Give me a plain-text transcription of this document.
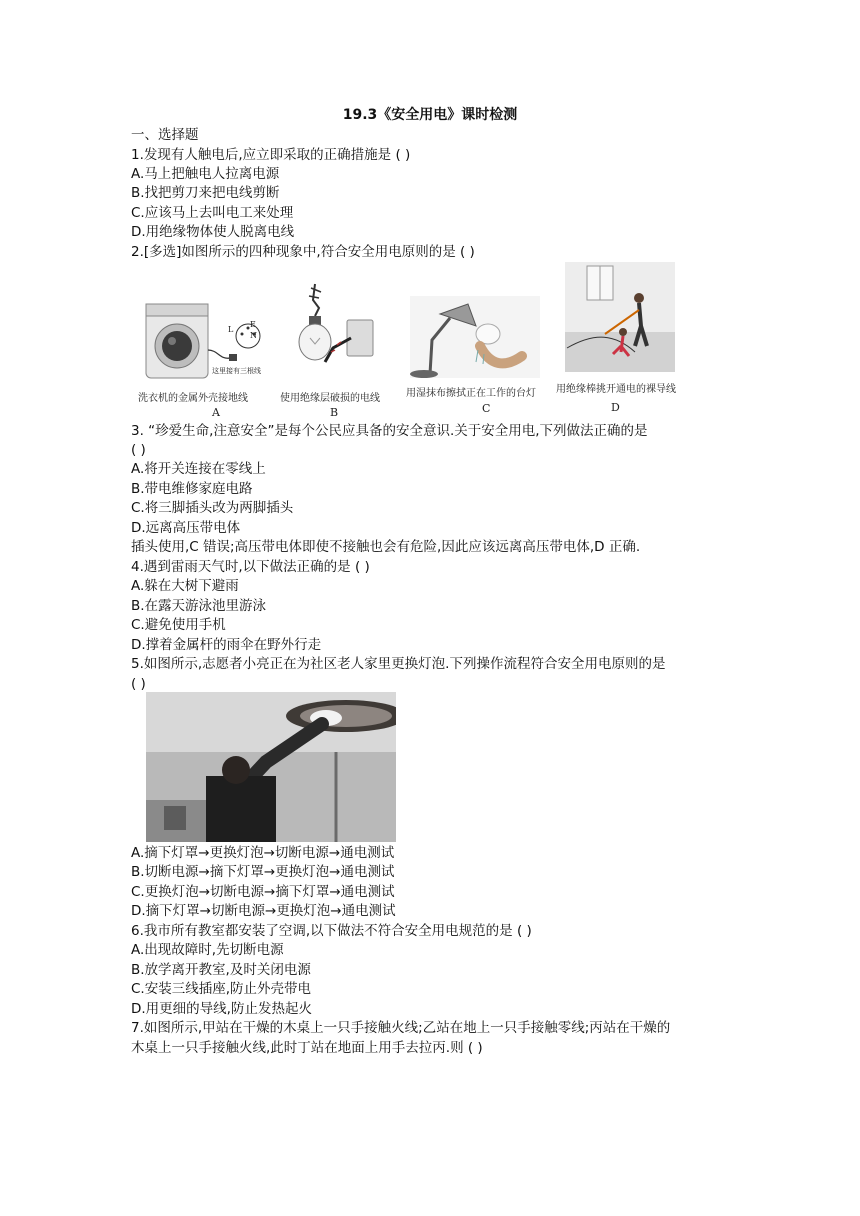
19.3《安全用电》课时检测
一、选择题
1.发现有人触电后,应立即采取的正确措施是 ( )
A.马上把触电人拉离电源
B.找把剪刀来把电线剪断
C.应该马上去叫电工来处理
D.用绝缘物体使人脱离电线
2.[多选]如图所示的四种现象中,符合安全用电原则的是 ( )
L
E
N
这里接有三根线
洗衣机的金属外壳接地线
A
使用绝缘层破损的电线
B
用湿抹布擦拭正在工作的台灯
C
用绝缘棒挑开通电的裸导线
D
3. “珍爱生命,注意安全”是每个公民应具备的安全意识.关于安全用电,下列做法正确的是
( )
A.将开关连接在零线上
B.带电维修家庭电路
C.将三脚插头改为两脚插头
D.远离高压带电体
插头使用,C 错误;高压带电体即使不接触也会有危险,因此应该远离高压带电体,D 正确.
4.遇到雷雨天气时,以下做法正确的是 ( )
A.躲在大树下避雨
B.在露天游泳池里游泳
C.避免使用手机
D.撑着金属杆的雨伞在野外行走
5.如图所示,志愿者小亮正在为社区老人家里更换灯泡.下列操作流程符合安全用电原则的是
( )
A.摘下灯罩→更换灯泡→切断电源→通电测试
B.切断电源→摘下灯罩→更换灯泡→通电测试
C.更换灯泡→切断电源→摘下灯罩→通电测试
D.摘下灯罩→切断电源→更换灯泡→通电测试
6.我市所有教室都安装了空调,以下做法不符合安全用电规范的是 ( )
A.出现故障时,先切断电源
B.放学离开教室,及时关闭电源
C.安装三线插座,防止外壳带电
D.用更细的导线,防止发热起火
7.如图所示,甲站在干燥的木桌上一只手接触火线;乙站在地上一只手接触零线;丙站在干燥的
木桌上一只手接触火线,此时丁站在地面上用手去拉丙.则 ( )
